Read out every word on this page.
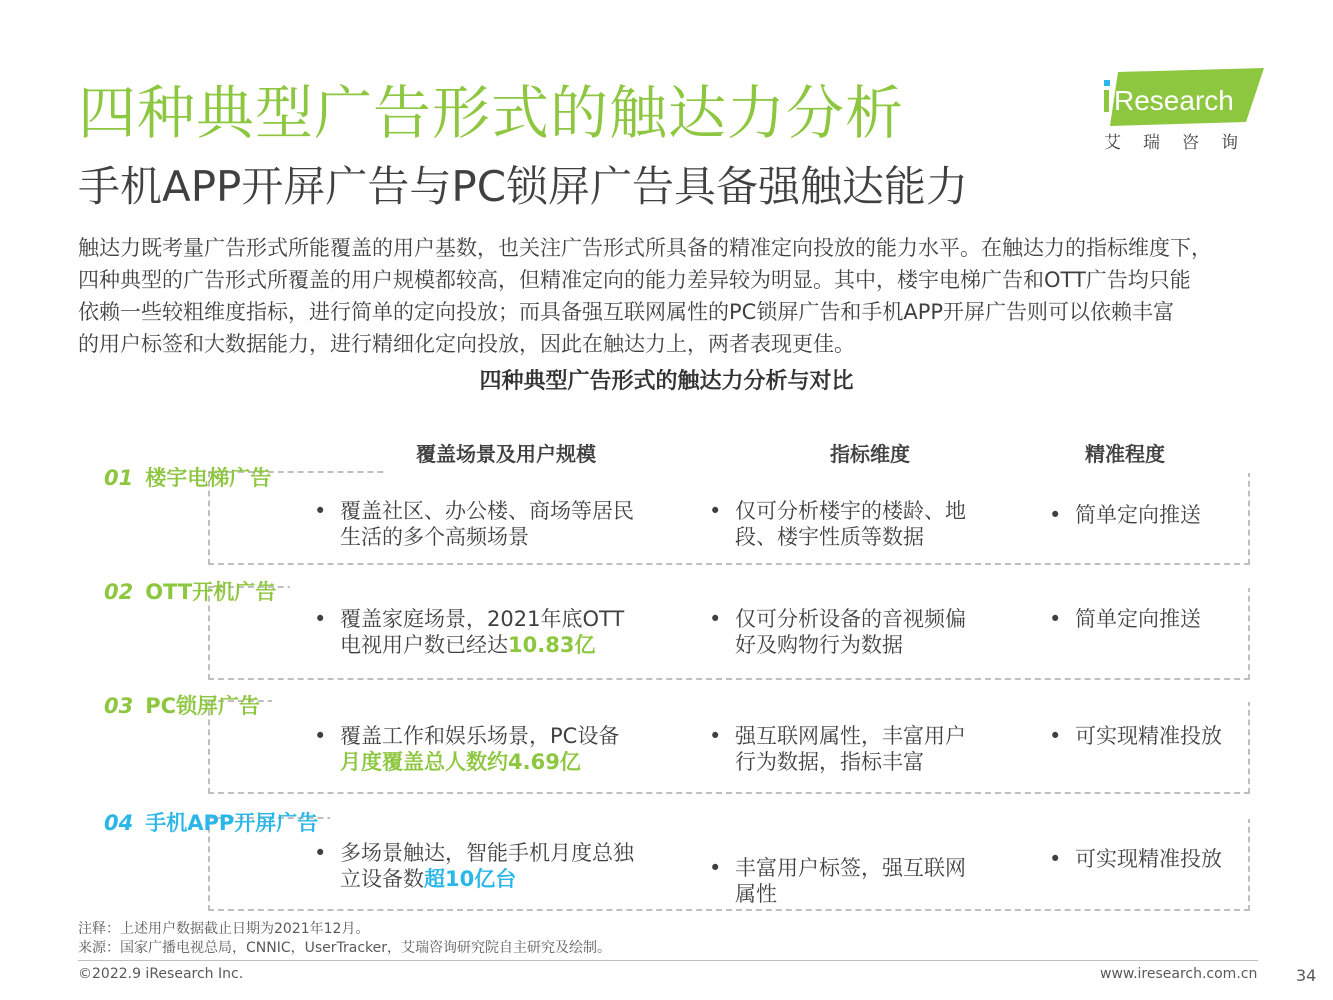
四种典型广告形式的触达力分析
手机APP开屏广告与PC锁屏广告具备强触达能力
Research
艾瑞咨询

触达力既考量广告形式所能覆盖的用户基数，也关注广告形式所具备的精准定向投放的能力水平。在触达力的指标维度下，

四种典型的广告形式所覆盖的用户规模都较高，但精准定向的能力差异较为明显。其中，楼宇电梯广告和OTT广告均只能

依赖一些较粗维度指标，进行简单的定向投放；而具备强互联网属性的PC锁屏广告和手机APP开屏广告则可以依赖丰富

的用户标签和大数据能力，进行精细化定向投放，因此在触达力上，两者表现更佳。

四种典型广告形式的触达力分析与对比
覆盖场景及用户规模	指标维度	精准程度
01 楼宇电梯广告
• 覆盖社区、办公楼、商场等居民
生活的多个高频场景
• 仅可分析楼宇的楼龄、地
段、楼宇性质等数据
• 简单定向推送
02 OTT开机广告
• 覆盖家庭场景，2021年底OTT
电视用户数已经达10.83亿
• 仅可分析设备的音视频偏
好及购物行为数据
• 简单定向推送
03 PC锁屏广告
• 覆盖工作和娱乐场景，PC设备
月度覆盖总人数约4.69亿
• 强互联网属性，丰富用户
行为数据，指标丰富
• 可实现精准投放
04 手机APP开屏广告
• 多场景触达，智能手机月度总独
立设备数超10亿台	• 丰富用户标签，强互联网
属性
• 可实现精准投放
注释：上述用户数据截止日期为2021年12月。
来源：国家广播电视总局，CNNIC，UserTracker，艾瑞咨询研究院自主研究及绘制。
©2022.9 iResearch Inc.	www.iresearch.com.cn 34
